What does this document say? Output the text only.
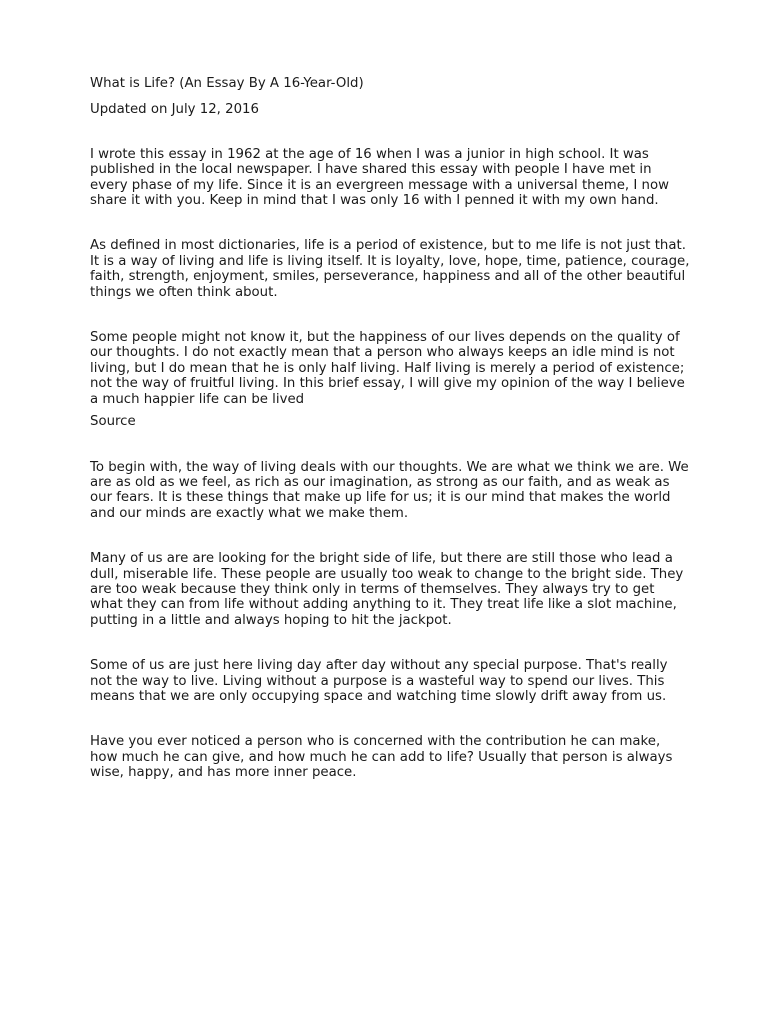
What is Life? (An Essay By A 16-Year-Old)

Updated on July 12, 2016

I wrote this essay in 1962 at the age of 16 when I was a junior in high school. It was published in the local newspaper. I have shared this essay with people I have met in every phase of my life. Since it is an evergreen message with a universal theme, I now share it with you. Keep in mind that I was only 16 with I penned it with my own hand.

As defined in most dictionaries, life is a period of existence, but to me life is not just that. It is a way of living and life is living itself. It is loyalty, love, hope, time, patience, courage, faith, strength, enjoyment, smiles, perseverance, happiness and all of the other beautiful things we often think about.

Some people might not know it, but the happiness of our lives depends on the quality of our thoughts. I do not exactly mean that a person who always keeps an idle mind is not living, but I do mean that he is only half living. Half living is merely a period of existence; not the way of fruitful living. In this brief essay, I will give my opinion of the way I believe a much happier life can be lived

Source

To begin with, the way of living deals with our thoughts. We are what we think we are. We are as old as we feel, as rich as our imagination, as strong as our faith, and as weak as our fears. It is these things that make up life for us; it is our mind that makes the world and our minds are exactly what we make them.

Many of us are are looking for the bright side of life, but there are still those who lead a dull, miserable life. These people are usually too weak to change to the bright side. They are too weak because they think only in terms of themselves. They always try to get what they can from life without adding anything to it. They treat life like a slot machine, putting in a little and always hoping to hit the jackpot.

Some of us are just here living day after day without any special purpose. That's really not the way to live. Living without a purpose is a wasteful way to spend our lives. This means that we are only occupying space and watching time slowly drift away from us.

Have you ever noticed a person who is concerned with the contribution he can make, how much he can give, and how much he can add to life? Usually that person is always wise, happy, and has more inner peace.
